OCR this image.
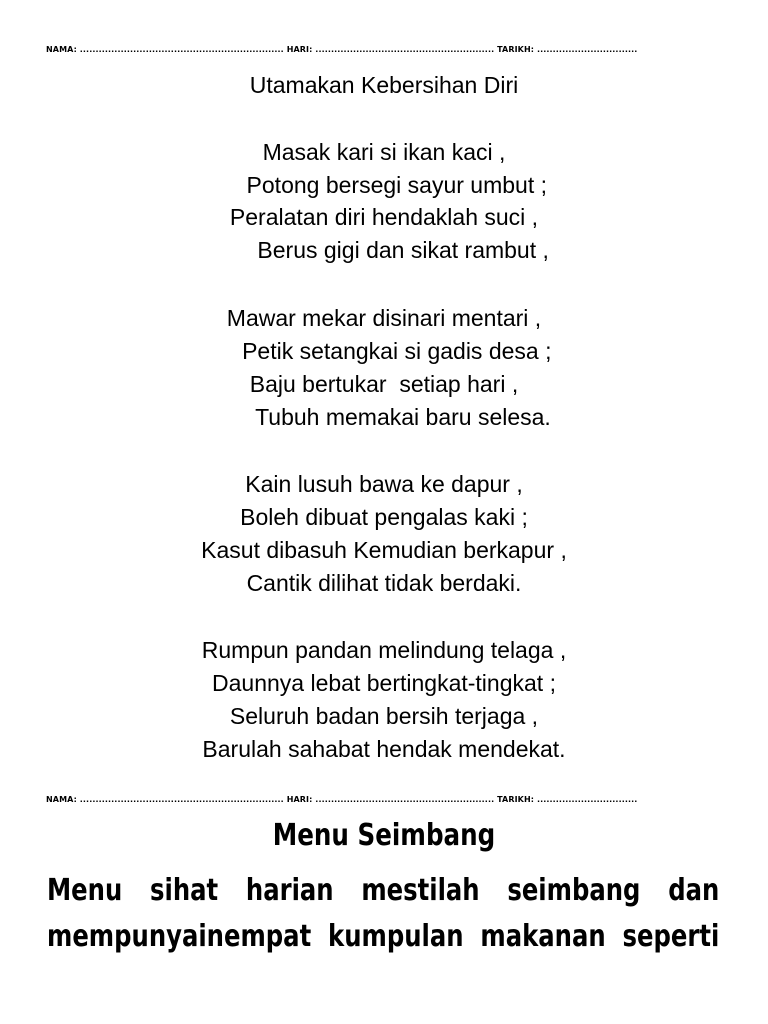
NAMA: ................................................................. HARI: ......................................................... TARIKH: ................................
Utamakan Kebersihan Diri
Masak kari si ikan kaci ,
Potong bersegi sayur umbut ;
Peralatan diri hendaklah suci ,
Berus gigi dan sikat rambut ,
Mawar mekar disinari mentari ,
Petik setangkai si gadis desa ;
Baju bertukar  setiap hari ,
Tubuh memakai baru selesa.
Kain lusuh bawa ke dapur ,
Boleh dibuat pengalas kaki ;
Kasut dibasuh Kemudian berkapur ,
Cantik dilihat tidak berdaki.
Rumpun pandan melindung telaga ,
Daunnya lebat bertingkat-tingkat ;
Seluruh badan bersih terjaga ,
Barulah sahabat hendak mendekat.
NAMA: ................................................................. HARI: ......................................................... TARIKH: ................................
Menu Seimbang
Menu sihat harian mestilah seimbang dan
mempunyainempat kumpulan makanan seperti
